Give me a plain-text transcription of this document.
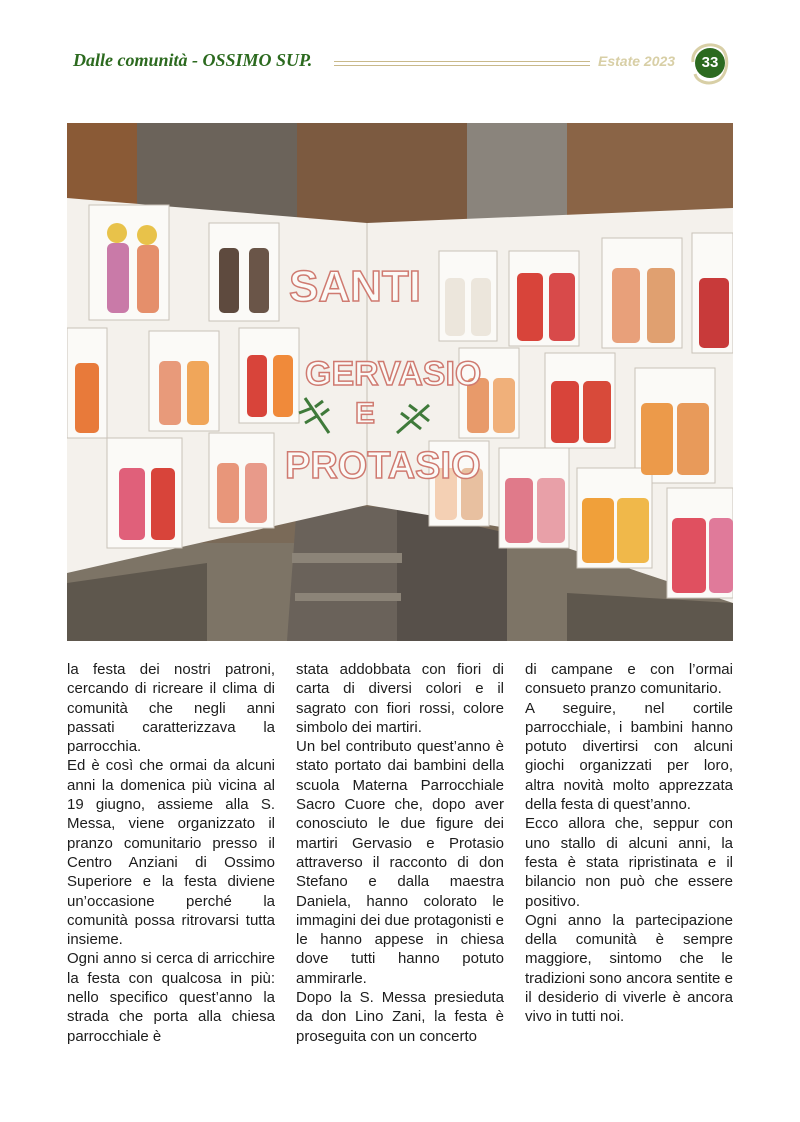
Dalle comunità - OSSIMO SUP.	Estate 2023	33
SANTI
GERVASIO
E
PROTASIO

la festa dei nostri patroni, cercando di ricreare il clima di comunità che negli anni passati caratterizzava la parrocchia.

Ed è così che ormai da alcuni anni la domenica più vicina al 19 giugno, assieme alla S. Messa, viene organizzato il pranzo comunitario presso il Centro Anziani di Ossimo Superiore e la festa diviene un’occasione perché la comunità possa ritrovarsi tutta insieme.

Ogni anno si cerca di arricchire la festa con qualcosa in più: nello specifico quest’anno la strada che porta alla chiesa parrocchiale è

stata addobbata con fiori di carta di diversi colori e il sagrato con fiori rossi, colore simbolo dei martiri.

Un bel contributo quest’anno è stato portato dai bambini della scuola Materna Parrocchiale Sacro Cuore che, dopo aver conosciuto le due figure dei martiri Gervasio e Protasio attraverso il racconto di don Stefano e dalla maestra Daniela, hanno colorato le immagini dei due protagonisti e le hanno appese in chiesa dove tutti hanno potuto ammirarle.

Dopo la S. Messa presieduta da don Lino Zani, la festa è proseguita con un concerto

di campane e con l’ormai consueto pranzo comunitario.

A seguire, nel cortile parrocchiale, i bambini hanno potuto divertirsi con alcuni giochi organizzati per loro, altra novità molto apprezzata della festa di quest’anno.

Ecco allora che, seppur con uno stallo di alcuni anni, la festa è stata ripristinata e il bilancio non può che essere positivo.

Ogni anno la partecipazione della comunità è sempre maggiore, sintomo che le tradizioni sono ancora sentite e il desiderio di viverle è ancora vivo in tutti noi.
